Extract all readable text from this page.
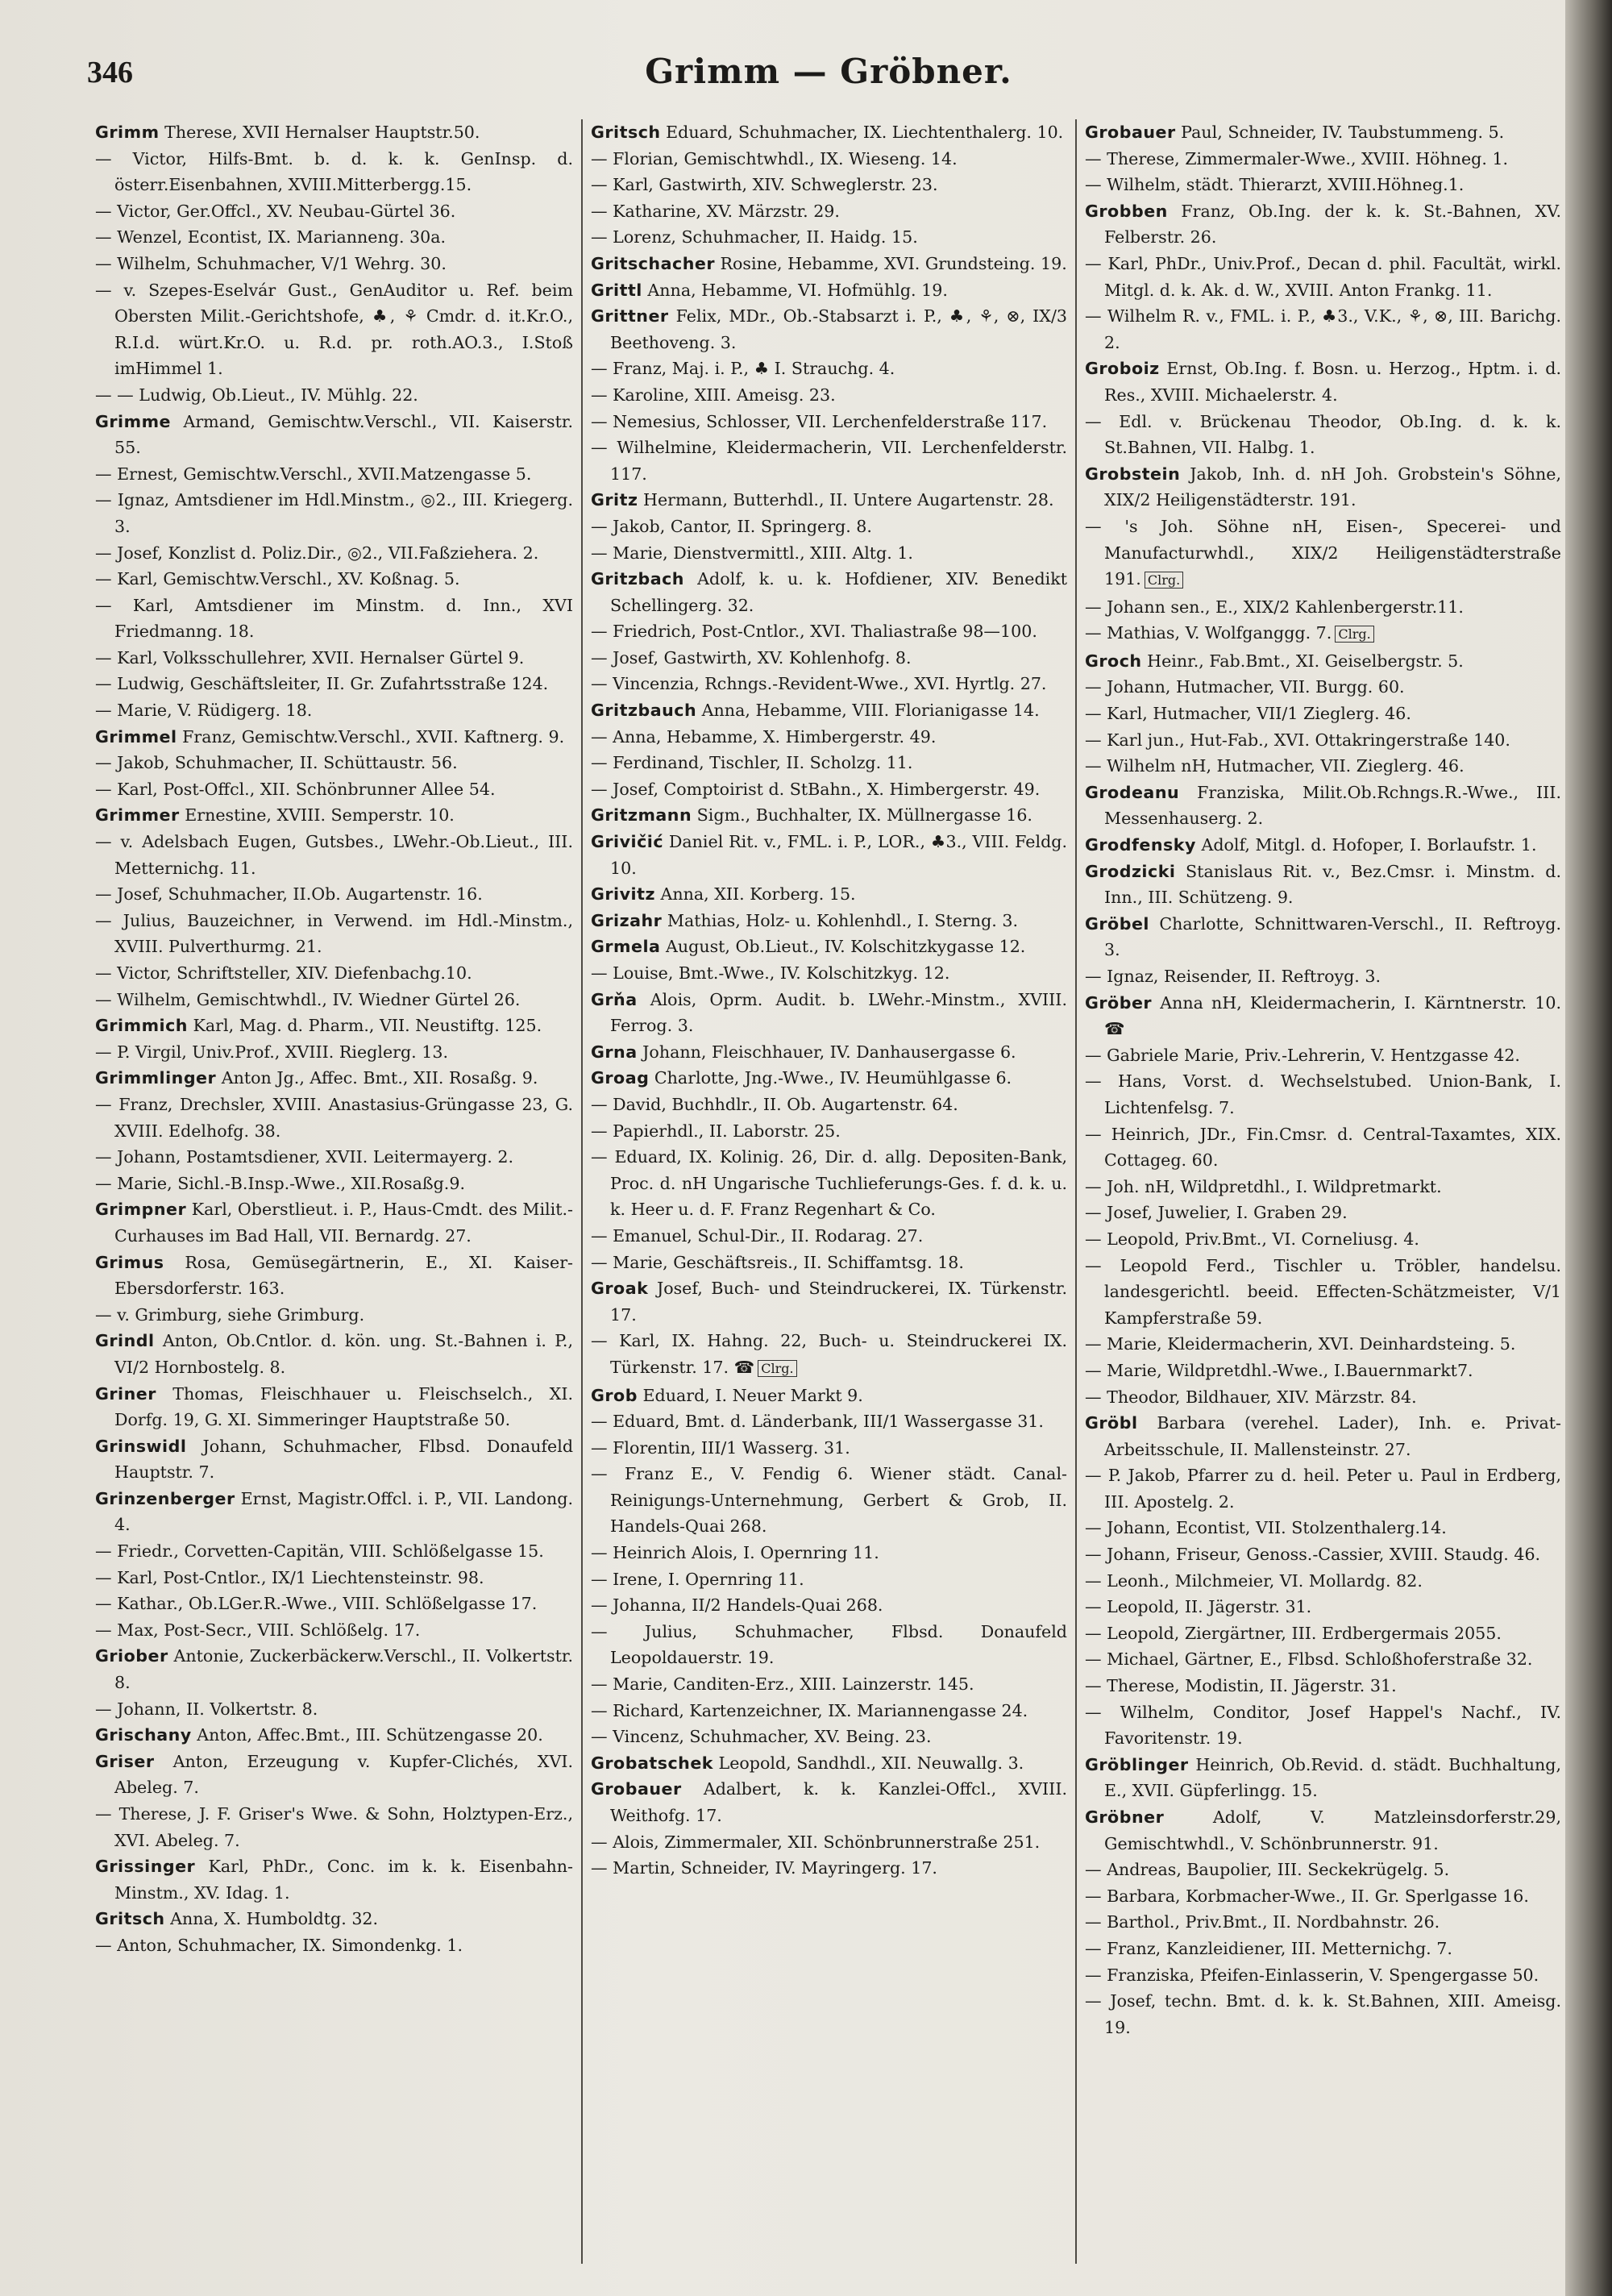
346	Grimm — Gröbner.
Grimm Therese, XVII Hernalser Hauptstr.50.
— Victor, Hilfs-Bmt. b. d. k. k. GenInsp. d. österr.Eisenbahnen, XVIII.Mitterbergg.15.
— Victor, Ger.Offcl., XV. Neubau-Gürtel 36.
— Wenzel, Econtist, IX. Marianneng. 30a.
— Wilhelm, Schuhmacher, V/1 Wehrg. 30.
— v. Szepes-Eselvár Gust., GenAuditor u. Ref. beim Obersten Milit.-Gerichtshofe, ♣, ⚘ Cmdr. d. it.Kr.O., R.I.d. würt.Kr.O. u. R.d. pr. roth.AO.3., I.Stoß imHimmel 1.
— — Ludwig, Ob.Lieut., IV. Mühlg. 22.
Grimme Armand, Gemischtw.Verschl., VII. Kaiserstr. 55.
— Ernest, Gemischtw.Verschl., XVII.Matzengasse 5.
— Ignaz, Amtsdiener im Hdl.Minstm., ◎2., III. Kriegerg. 3.
— Josef, Konzlist d. Poliz.Dir., ◎2., VII.Faßziehera. 2.
— Karl, Gemischtw.Verschl., XV. Koßnag. 5.
— Karl, Amtsdiener im Minstm. d. Inn., XVI Friedmanng. 18.
— Karl, Volksschullehrer, XVII. Hernalser Gürtel 9.
— Ludwig, Geschäftsleiter, II. Gr. Zufahrtsstraße 124.
— Marie, V. Rüdigerg. 18.
Grimmel Franz, Gemischtw.Verschl., XVII. Kaftnerg. 9.
— Jakob, Schuhmacher, II. Schüttaustr. 56.
— Karl, Post-Offcl., XII. Schönbrunner Allee 54.
Grimmer Ernestine, XVIII. Semperstr. 10.
— v. Adelsbach Eugen, Gutsbes., LWehr.-Ob.Lieut., III. Metternichg. 11.
— Josef, Schuhmacher, II.Ob. Augartenstr. 16.
— Julius, Bauzeichner, in Verwend. im Hdl.-Minstm., XVIII. Pulverthurmg. 21.
— Victor, Schriftsteller, XIV. Diefenbachg.10.
— Wilhelm, Gemischtwhdl., IV. Wiedner Gürtel 26.
Grimmich Karl, Mag. d. Pharm., VII. Neustiftg. 125.
— P. Virgil, Univ.Prof., XVIII. Rieglerg. 13.
Grimmlinger Anton Jg., Affec. Bmt., XII. Rosaßg. 9.
— Franz, Drechsler, XVIII. Anastasius-Grüngasse 23, G. XVIII. Edelhofg. 38.
— Johann, Postamtsdiener, XVII. Leitermayerg. 2.
— Marie, Sichl.-B.Insp.-Wwe., XII.Rosaßg.9.
Grimpner Karl, Oberstlieut. i. P., Haus-Cmdt. des Milit.-Curhauses im Bad Hall, VII. Bernardg. 27.
Grimus Rosa, Gemüsegärtnerin, E., XI. Kaiser-Ebersdorferstr. 163.
— v. Grimburg, siehe Grimburg.
Grindl Anton, Ob.Cntlor. d. kön. ung. St.-Bahnen i. P., VI/2 Hornbostelg. 8.
Griner Thomas, Fleischhauer u. Fleischselch., XI. Dorfg. 19, G. XI. Simmeringer Hauptstraße 50.
Grinswidl Johann, Schuhmacher, Flbsd. Donaufeld Hauptstr. 7.
Grinzenberger Ernst, Magistr.Offcl. i. P., VII. Landong. 4.
— Friedr., Corvetten-Capitän, VIII. Schlößelgasse 15.
— Karl, Post-Cntlor., IX/1 Liechtensteinstr. 98.
— Kathar., Ob.LGer.R.-Wwe., VIII. Schlößelgasse 17.
— Max, Post-Secr., VIII. Schlößelg. 17.
Griober Antonie, Zuckerbäckerw.Verschl., II. Volkertstr. 8.
— Johann, II. Volkertstr. 8.
Grischany Anton, Affec.Bmt., III. Schützengasse 20.
Griser Anton, Erzeugung v. Kupfer-Clichés, XVI. Abeleg. 7.
— Therese, J. F. Griser's Wwe. & Sohn, Holztypen-Erz., XVI. Abeleg. 7.
Grissinger Karl, PhDr., Conc. im k. k. Eisenbahn-Minstm., XV. Idag. 1.
Gritsch Anna, X. Humboldtg. 32.
— Anton, Schuhmacher, IX. Simondenkg. 1.
Gritsch Eduard, Schuhmacher, IX. Liechtenthalerg. 10.
— Florian, Gemischtwhdl., IX. Wieseng. 14.
— Karl, Gastwirth, XIV. Schweglerstr. 23.
— Katharine, XV. Märzstr. 29.
— Lorenz, Schuhmacher, II. Haidg. 15.
Gritschacher Rosine, Hebamme, XVI. Grundsteing. 19.
Grittl Anna, Hebamme, VI. Hofmühlg. 19.
Grittner Felix, MDr., Ob.-Stabsarzt i. P., ♣, ⚘, ⊗, IX/3 Beethoveng. 3.
— Franz, Maj. i. P., ♣ I. Strauchg. 4.
— Karoline, XIII. Ameisg. 23.
— Nemesius, Schlosser, VII. Lerchenfelderstraße 117.
— Wilhelmine, Kleidermacherin, VII. Lerchenfelderstr. 117.
Gritz Hermann, Butterhdl., II. Untere Augartenstr. 28.
— Jakob, Cantor, II. Springerg. 8.
— Marie, Dienstvermittl., XIII. Altg. 1.
Gritzbach Adolf, k. u. k. Hofdiener, XIV. Benedikt Schellingerg. 32.
— Friedrich, Post-Cntlor., XVI. Thaliastraße 98—100.
— Josef, Gastwirth, XV. Kohlenhofg. 8.
— Vincenzia, Rchngs.-Revident-Wwe., XVI. Hyrtlg. 27.
Gritzbauch Anna, Hebamme, VIII. Florianigasse 14.
— Anna, Hebamme, X. Himbergerstr. 49.
— Ferdinand, Tischler, II. Scholzg. 11.
— Josef, Comptoirist d. StBahn., X. Himbergerstr. 49.
Gritzmann Sigm., Buchhalter, IX. Müllnergasse 16.
Grivičić Daniel Rit. v., FML. i. P., LOR., ♣3., VIII. Feldg. 10.
Grivitz Anna, XII. Korberg. 15.
Grizahr Mathias, Holz- u. Kohlenhdl., I. Sterng. 3.
Grmela August, Ob.Lieut., IV. Kolschitzkygasse 12.
— Louise, Bmt.-Wwe., IV. Kolschitzkyg. 12.
Grňa Alois, Oprm. Audit. b. LWehr.-Minstm., XVIII. Ferrog. 3.
Grna Johann, Fleischhauer, IV. Danhausergasse 6.
Groag Charlotte, Jng.-Wwe., IV. Heumühlgasse 6.
— David, Buchhdlr., II. Ob. Augartenstr. 64.
— Papierhdl., II. Laborstr. 25.
— Eduard, IX. Kolinig. 26, Dir. d. allg. Depositen-Bank, Proc. d. nH Ungarische Tuchlieferungs-Ges. f. d. k. u. k. Heer u. d. F. Franz Regenhart & Co.
— Emanuel, Schul-Dir., II. Rodarag. 27.
— Marie, Geschäftsreis., II. Schiffamtsg. 18.
Groak Josef, Buch- und Steindruckerei, IX. Türkenstr. 17.
— Karl, IX. Hahng. 22, Buch- u. Steindruckerei IX. Türkenstr. 17. ☎ Clrg.
Grob Eduard, I. Neuer Markt 9.
— Eduard, Bmt. d. Länderbank, III/1 Wassergasse 31.
— Florentin, III/1 Wasserg. 31.
— Franz E., V. Fendig 6. Wiener städt. Canal-Reinigungs-Unternehmung, Gerbert & Grob, II. Handels-Quai 268.
— Heinrich Alois, I. Opernring 11.
— Irene, I. Opernring 11.
— Johanna, II/2 Handels-Quai 268.
— Julius, Schuhmacher, Flbsd. Donaufeld Leopoldauerstr. 19.
— Marie, Canditen-Erz., XIII. Lainzerstr. 145.
— Richard, Kartenzeichner, IX. Mariannengasse 24.
— Vincenz, Schuhmacher, XV. Being. 23.
Grobatschek Leopold, Sandhdl., XII. Neuwallg. 3.
Grobauer Adalbert, k. k. Kanzlei-Offcl., XVIII. Weithofg. 17.
— Alois, Zimmermaler, XII. Schönbrunnerstraße 251.
— Martin, Schneider, IV. Mayringerg. 17.
Grobauer Paul, Schneider, IV. Taubstummeng. 5.
— Therese, Zimmermaler-Wwe., XVIII. Höhneg. 1.
— Wilhelm, städt. Thierarzt, XVIII.Höhneg.1.
Grobben Franz, Ob.Ing. der k. k. St.-Bahnen, XV. Felberstr. 26.
— Karl, PhDr., Univ.Prof., Decan d. phil. Facultät, wirkl. Mitgl. d. k. Ak. d. W., XVIII. Anton Frankg. 11.
— Wilhelm R. v., FML. i. P., ♣3., V.K., ⚘, ⊗, III. Barichg. 2.
Groboiz Ernst, Ob.Ing. f. Bosn. u. Herzog., Hptm. i. d. Res., XVIII. Michaelerstr. 4.
— Edl. v. Brückenau Theodor, Ob.Ing. d. k. k. St.Bahnen, VII. Halbg. 1.
Grobstein Jakob, Inh. d. nH Joh. Grobstein's Söhne, XIX/2 Heiligenstädterstr. 191.
— 's Joh. Söhne nH, Eisen-, Specerei- und Manufacturwhdl., XIX/2 Heiligenstädterstraße 191. Clrg.
— Johann sen., E., XIX/2 Kahlenbergerstr.11.
— Mathias, V. Wolfganggg. 7. Clrg.
Groch Heinr., Fab.Bmt., XI. Geiselbergstr. 5.
— Johann, Hutmacher, VII. Burgg. 60.
— Karl, Hutmacher, VII/1 Zieglerg. 46.
— Karl jun., Hut-Fab., XVI. Ottakringerstraße 140.
— Wilhelm nH, Hutmacher, VII. Zieglerg. 46.
Grodeanu Franziska, Milit.Ob.Rchngs.R.-Wwe., III. Messenhauserg. 2.
Grodfensky Adolf, Mitgl. d. Hofoper, I. Borlaufstr. 1.
Grodzicki Stanislaus Rit. v., Bez.Cmsr. i. Minstm. d. Inn., III. Schützeng. 9.
Gröbel Charlotte, Schnittwaren-Verschl., II. Reftroyg. 3.
— Ignaz, Reisender, II. Reftroyg. 3.
Gröber Anna nH, Kleidermacherin, I. Kärntnerstr. 10. ☎
— Gabriele Marie, Priv.-Lehrerin, V. Hentzgasse 42.
— Hans, Vorst. d. Wechselstubed. Union-Bank, I. Lichtenfelsg. 7.
— Heinrich, JDr., Fin.Cmsr. d. Central-Taxamtes, XIX. Cottageg. 60.
— Joh. nH, Wildpretdhl., I. Wildpretmarkt.
— Josef, Juwelier, I. Graben 29.
— Leopold, Priv.Bmt., VI. Corneliusg. 4.
— Leopold Ferd., Tischler u. Tröbler, handelsu. landesgerichtl. beeid. Effecten-Schätzmeister, V/1 Kampferstraße 59.
— Marie, Kleidermacherin, XVI. Deinhardsteing. 5.
— Marie, Wildpretdhl.-Wwe., I.Bauernmarkt7.
— Theodor, Bildhauer, XIV. Märzstr. 84.
Gröbl Barbara (verehel. Lader), Inh. e. Privat-Arbeitsschule, II. Mallensteinstr. 27.
— P. Jakob, Pfarrer zu d. heil. Peter u. Paul in Erdberg, III. Apostelg. 2.
— Johann, Econtist, VII. Stolzenthalerg.14.
— Johann, Friseur, Genoss.-Cassier, XVIII. Staudg. 46.
— Leonh., Milchmeier, VI. Mollardg. 82.
— Leopold, II. Jägerstr. 31.
— Leopold, Ziergärtner, III. Erdbergermais 2055.
— Michael, Gärtner, E., Flbsd. Schloßhoferstraße 32.
— Therese, Modistin, II. Jägerstr. 31.
— Wilhelm, Conditor, Josef Happel's Nachf., IV. Favoritenstr. 19.
Gröblinger Heinrich, Ob.Revid. d. städt. Buchhaltung, E., XVII. Güpferlingg. 15.
Gröbner Adolf, V. Matzleinsdorferstr.29, Gemischtwhdl., V. Schönbrunnerstr. 91.
— Andreas, Baupolier, III. Seckekrügelg. 5.
— Barbara, Korbmacher-Wwe., II. Gr. Sperlgasse 16.
— Barthol., Priv.Bmt., II. Nordbahnstr. 26.
— Franz, Kanzleidiener, III. Metternichg. 7.
— Franziska, Pfeifen-Einlasserin, V. Spengergasse 50.
— Josef, techn. Bmt. d. k. k. St.Bahnen, XIII. Ameisg. 19.
